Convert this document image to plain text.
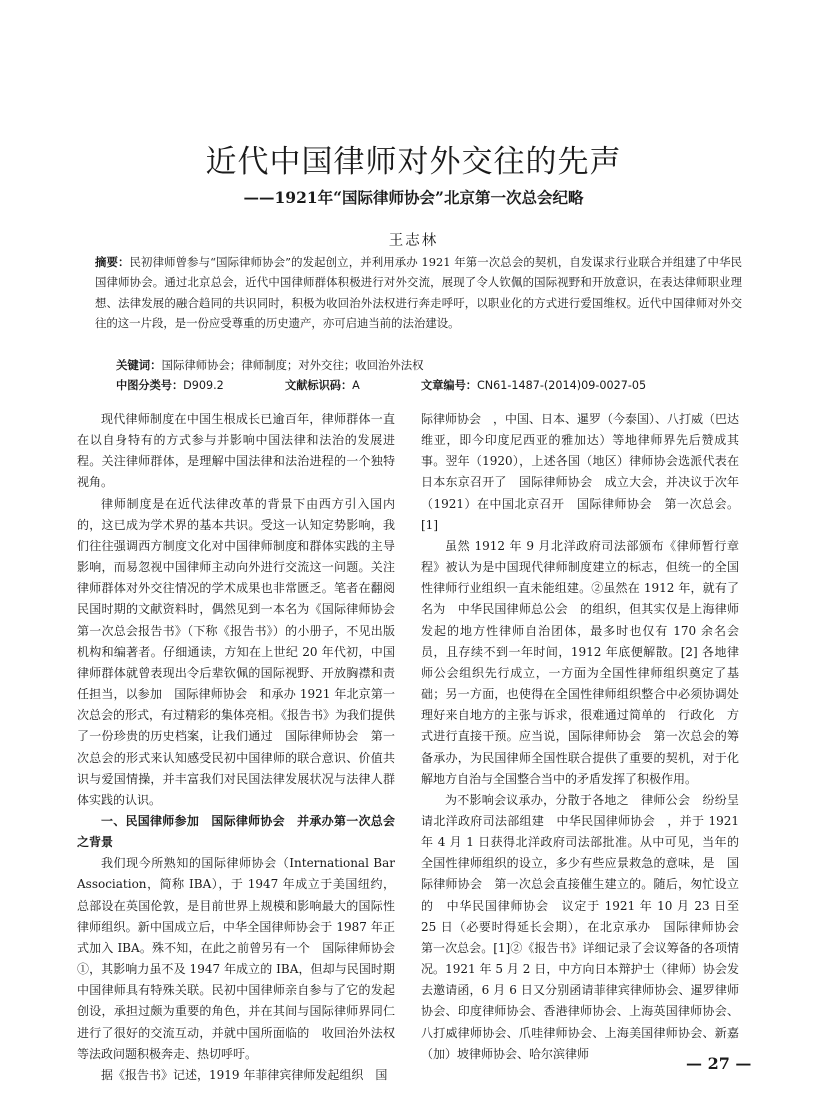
近代中国律师对外交往的先声
——1921年“国际律师协会”北京第一次总会纪略
王志林

摘要：民初律师曾参与“国际律师协会”的发起创立，并利用承办 1921 年第一次总会的契机，自发谋求行业联合并组建了中华民国律师协会。通过北京总会，近代中国律师群体积极进行对外交流，展现了令人钦佩的国际视野和开放意识，在表达律师职业理想、法律发展的融合趋同的共识同时，积极为收回治外法权进行奔走呼吁，以职业化的方式进行爱国维权。近代中国律师对外交往的这一片段，是一份应受尊重的历史遗产，亦可启迪当前的法治建设。

关键词：国际律师协会；律师制度；对外交往；收回治外法权
中图分类号：D909.2	文献标识码：A	文章编号：CN61-1487-(2014)09-0027-05

现代律师制度在中国生根成长已逾百年，律师群体一直在以自身特有的方式参与并影响中国法律和法治的发展进程。关注律师群体，是理解中国法律和法治进程的一个独特视角。

律师制度是在近代法律改革的背景下由西方引入国内的，这已成为学术界的基本共识。受这一认知定势影响，我们往往强调西方制度文化对中国律师制度和群体实践的主导影响，而易忽视中国律师主动向外进行交流这一问题。关注律师群体对外交往情况的学术成果也非常匮乏。笔者在翻阅民国时期的文献资料时，偶然见到一本名为《国际律师协会第一次总会报告书》（下称《报告书》）的小册子，不见出版机构和编著者。仔细通读，方知在上世纪 20 年代初，中国律师群体就曾表现出令后辈钦佩的国际视野、开放胸襟和责任担当，以参加　国际律师协会　和承办 1921 年北京第一次总会的形式，有过精彩的集体亮相。《报告书》为我们提供了一份珍贵的历史档案，让我们通过　国际律师协会　第一次总会的形式来认知感受民初中国律师的联合意识、价值共识与爱国情操，并丰富我们对民国法律发展状况与法律人群体实践的认识。

一、民国律师参加　国际律师协会　并承办第一次总会之背景

我们现今所熟知的国际律师协会（International Bar Association，简称 IBA），于 1947 年成立于美国纽约，总部设在英国伦敦，是目前世界上规模和影响最大的国际性律师组织。新中国成立后，中华全国律师协会于 1987 年正式加入 IBA。殊不知，在此之前曾另有一个　国际律师协会　①，其影响力虽不及 1947 年成立的 IBA，但却与民国时期中国律师具有特殊关联。民初中国律师亲自参与了它的发起创设，承担过颇为重要的角色，并在其间与国际律师界同仁进行了很好的交流互动，并就中国所面临的　收回治外法权　等法政问题积极奔走、热切呼吁。

据《报告书》记述，1919 年菲律宾律师发起组织　国

际律师协会　，中国、日本、暹罗（今泰国）、八打威（巴达维亚，即今印度尼西亚的雅加达）等地律师界先后赞成其事。翌年（1920），上述各国（地区）律师协会选派代表在日本东京召开了　国际律师协会　成立大会，并决议于次年（1921）在中国北京召开　国际律师协会　第一次总会。[1]

虽然 1912 年 9 月北洋政府司法部颁布《律师暂行章程》被认为是中国现代律师制度建立的标志，但统一的全国性律师行业组织一直未能组建。②虽然在 1912 年，就有了名为　中华民国律师总公会　的组织，但其实仅是上海律师发起的地方性律师自治团体，最多时也仅有 170 余名会员，且存续不到一年时间，1912 年底便解散。[2] 各地律师公会组织先行成立，一方面为全国性律师组织奠定了基础；另一方面，也使得在全国性律师组织整合中必须协调处理好来自地方的主张与诉求，很难通过简单的　行政化　方式进行直接干预。应当说，国际律师协会　第一次总会的筹备承办，为民国律师全国性联合提供了重要的契机，对于化解地方自治与全国整合当中的矛盾发挥了积极作用。

为不影响会议承办，分散于各地之　律师公会　纷纷呈请北洋政府司法部组建　中华民国律师协会　，并于 1921 年 4 月 1 日获得北洋政府司法部批准。从中可见，当年的全国性律师组织的设立，多少有些应景救急的意味，是　国际律师协会　第一次总会直接催生建立的。随后，匆忙设立的　中华民国律师协会　议定于 1921 年 10 月 23 日至 25 日（必要时得延长会期），在北京承办　国际律师协会　第一次总会。[1]②《报告书》详细记录了会议筹备的各项情况。1921 年 5 月 2 日，中方向日本辩护士（律师）协会发去邀请函，6 月 6 日又分别函请菲律宾律师协会、暹罗律师协会、印度律师协会、香港律师协会、上海英国律师协会、八打威律师协会、爪哇律师协会、上海美国律师协会、新嘉（加）坡律师协会、哈尔滨律师

— 27 —
